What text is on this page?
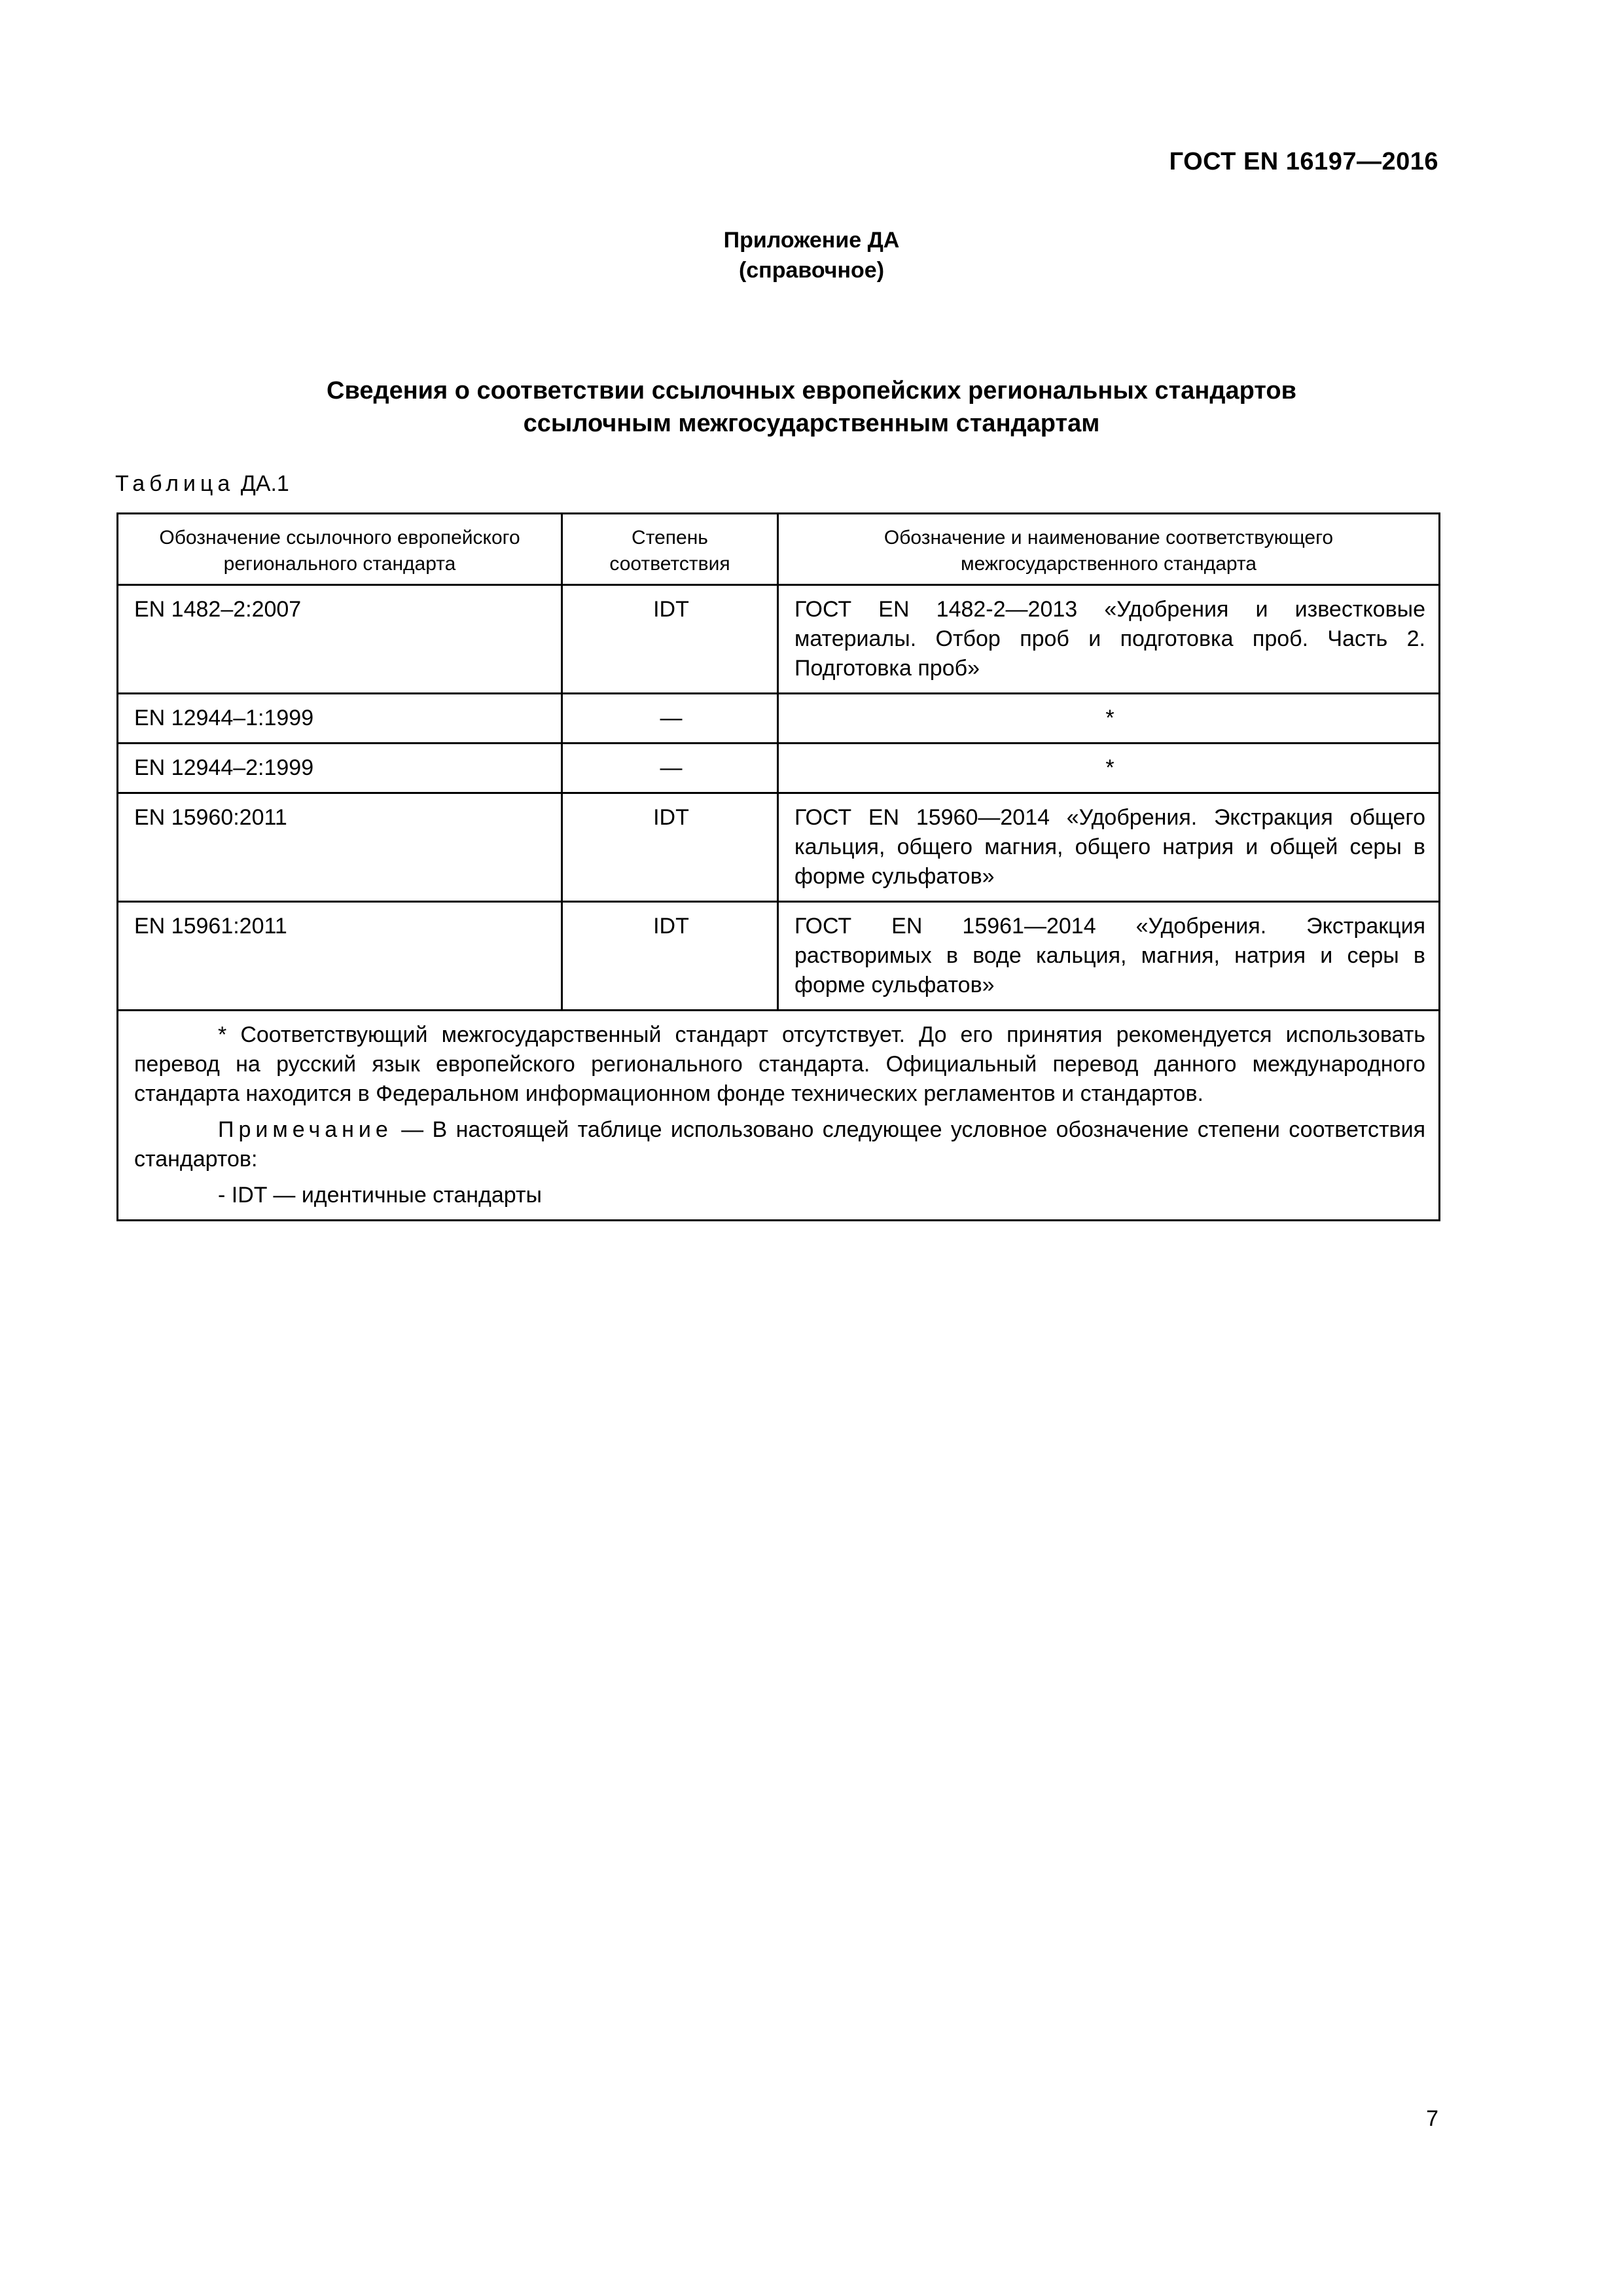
ГОСТ EN 16197—2016
Приложение ДА
(справочное)
Сведения о соответствии ссылочных европейских региональных стандартов
ссылочным межгосударственным стандартам
Таблица ДА.1
Обозначение ссылочного европейского регионального стандарта	Степень соответствия	Обозначение и наименование соответствующего межгосударственного стандарта
EN 1482–2:2007	IDT	ГОСТ EN 1482-2—2013 «Удобрения и известковые материалы. Отбор проб и подготовка проб. Часть 2. Подготовка проб»
EN 12944–1:1999	—	*
EN 12944–2:1999	—	*
EN 15960:2011	IDT	ГОСТ EN 15960—2014 «Удобрения. Экстракция общего кальция, общего магния, общего натрия и общей серы в форме сульфатов»
EN 15961:2011	IDT	ГОСТ EN 15961—2014 «Удобрения. Экстракция растворимых в воде кальция, магния, натрия и серы в форме сульфатов»

* Соответствующий межгосударственный стандарт отсутствует. До его принятия рекомендуется использовать перевод на русский язык европейского регионального стандарта. Официальный перевод данного международного стандарта находится в Федеральном информационном фонде технических регламентов и стандартов.

Примечание — В настоящей таблице использовано следующее условное обозначение степени соответствия стандартов:

- IDT — идентичные стандарты		
7
